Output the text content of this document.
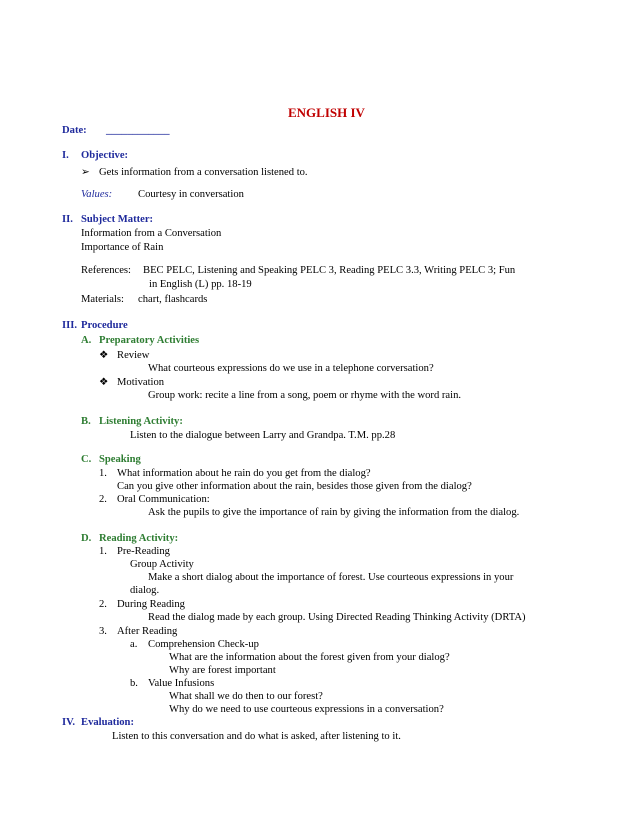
ENGLISH IV
Date: ____________
I. Objective:
➢ Gets information from a conversation listened to.
Values: Courtesy in conversation
II. Subject Matter:
Information from a Conversation
Importance of Rain
References: BEC PELC, Listening and Speaking PELC 3, Reading PELC 3.3, Writing PELC 3; Fun
in English (L) pp. 18-19
Materials: chart, flashcards
III. Procedure
A. Preparatory Activities
❖ Review
What courteous expressions do we use in a telephone corversation?
❖ Motivation
Group work: recite a line from a song, poem or rhyme with the word rain.
B. Listening Activity:
Listen to the dialogue between Larry and Grandpa. T.M. pp.28
C. Speaking
1. What information about he rain do you get from the dialog?
Can you give other information about the rain, besides those given from the dialog?
2. Oral Communication:
Ask the pupils to give the importance of rain by giving the information from the dialog.
D. Reading Activity:
1. Pre-Reading
Group Activity
Make a short dialog about the importance of forest. Use courteous expressions in your
dialog.
2. During Reading
Read the dialog made by each group. Using Directed Reading Thinking Activity (DRTA)
3. After Reading
a. Comprehension Check-up
What are the information about the forest given from your dialog?
Why are forest important
b. Value Infusions
What shall we do then to our forest?
Why do we need to use courteous expressions in a conversation?
IV. Evaluation:
Listen to this conversation and do what is asked, after listening to it.
